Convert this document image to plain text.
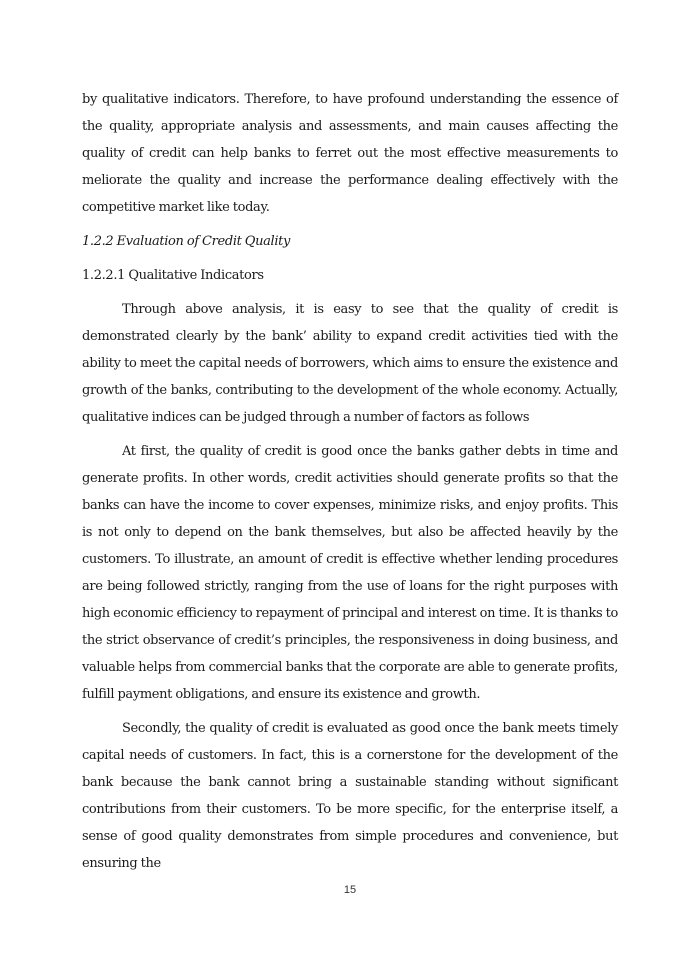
by qualitative indicators. Therefore, to have profound understanding the essence of the quality, appropriate analysis and assessments, and main causes affecting the quality of credit can help banks to ferret out the most effective measurements to meliorate the quality and increase the performance dealing effectively with the competitive market like today.

1.2.2 Evaluation of Credit Quality

1.2.2.1 Qualitative Indicators

Through above analysis, it is easy to see that the quality of credit is demonstrated clearly by the bank’ ability to expand credit activities tied with the ability to meet the capital needs of borrowers, which aims to ensure the existence and growth of the banks, contributing to the development of the whole economy. Actually, qualitative indices can be judged through a number of factors as follows

At first, the quality of credit is good once the banks gather debts in time and generate profits. In other words, credit activities should generate profits so that the banks can have the income to cover expenses, minimize risks, and enjoy profits. This is not only to depend on the bank themselves, but also be affected heavily by the customers. To illustrate, an amount of credit is effective whether lending procedures are being followed strictly, ranging from the use of loans for the right purposes with high economic efficiency to repayment of principal and interest on time. It is thanks to the strict observance of credit’s principles, the responsiveness in doing business, and valuable helps from commercial banks that the corporate are able to generate profits, fulfill payment obligations, and ensure its existence and growth.

Secondly, the quality of credit is evaluated as good once the bank meets timely capital needs of customers. In fact, this is a cornerstone for the development of the bank because the bank cannot bring a sustainable standing without significant contributions from their customers. To be more specific, for the enterprise itself, a sense of good quality demonstrates from simple procedures and convenience, but ensuring the

15
